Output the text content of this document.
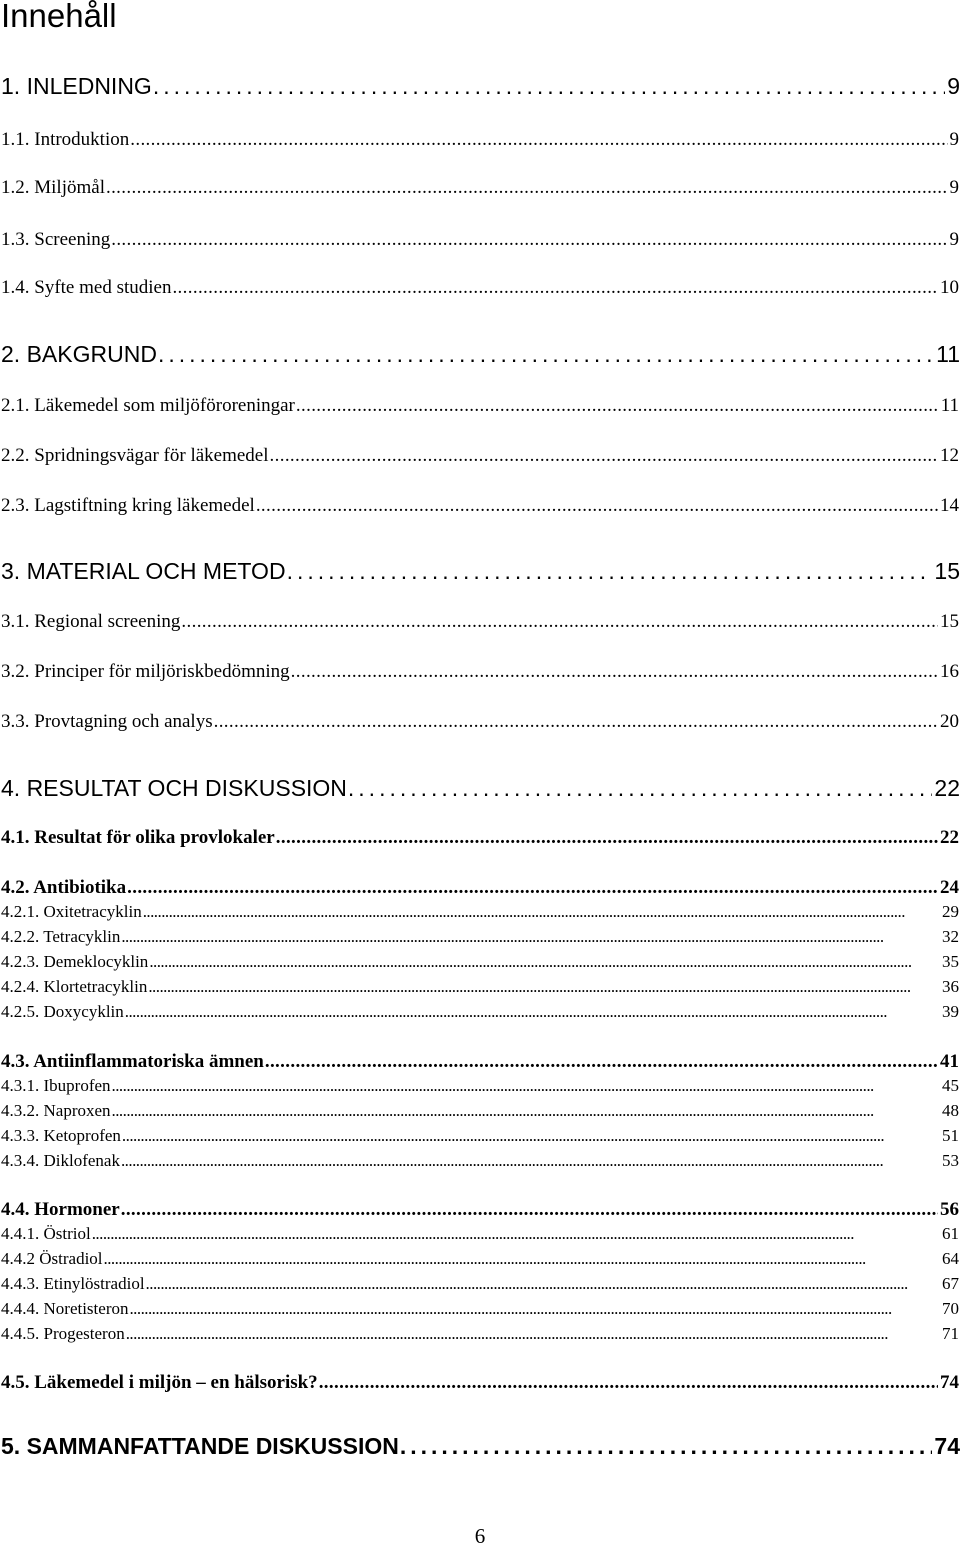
Innehåll
1. INLEDNING . . .	9
1.1. Introduktion . . .	9
1.2. Miljömål . . .	9
1.3. Screening . . .	9
1.4. Syfte med studien . . .	10
2. BAKGRUND . . .	11
2.1. Läkemedel som miljöföroreningar . . .	11
2.2. Spridningsvägar för läkemedel . . .	12
2.3. Lagstiftning kring läkemedel . . .	14
3. MATERIAL OCH METOD . . .	15
3.1. Regional screening . . .	15
3.2. Principer för miljöriskbedömning . . .	16
3.3. Provtagning och analys . . .	20
4. RESULTAT OCH DISKUSSION . . .	22
4.1. Resultat för olika provlokaler . . .	22
4.2. Antibiotika . . .	24
4.2.1. Oxitetracyklin . . .	29
4.2.2. Tetracyklin . . .	32
4.2.3. Demeklocyklin . . .	35
4.2.4. Klortetracyklin . . .	36
4.2.5. Doxycyklin . . .	39
4.3. Antiinflammatoriska ämnen . . .	41
4.3.1. Ibuprofen . . .	45
4.3.2. Naproxen . . .	48
4.3.3. Ketoprofen . . .	51
4.3.4. Diklofenak . . .	53
4.4. Hormoner . . .	56
4.4.1. Östriol . . .	61
4.4.2 Östradiol . . .	64
4.4.3. Etinylöstradiol . . .	67
4.4.4. Noretisteron . . .	70
4.4.5. Progesteron . . .	71
4.5. Läkemedel i miljön – en hälsorisk? . . .	74
5. SAMMANFATTANDE DISKUSSION . . .	74
6
